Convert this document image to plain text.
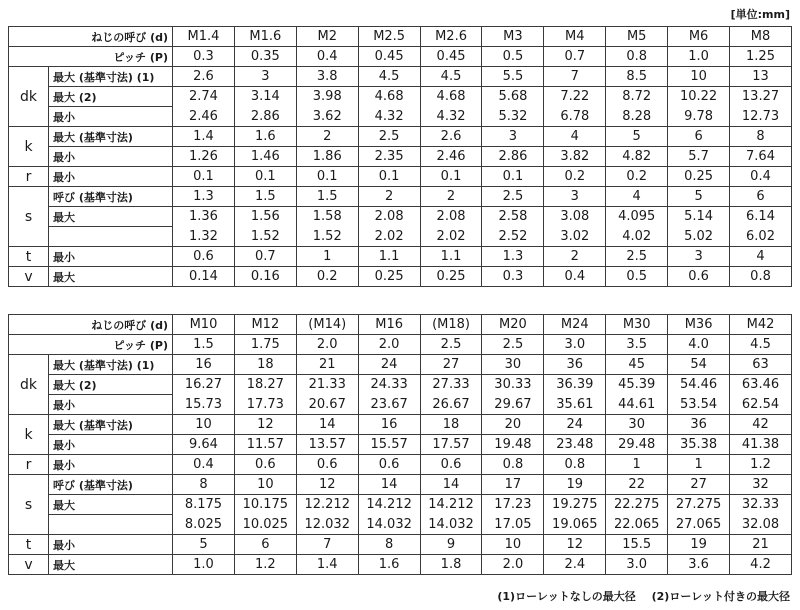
[単位:mm]
ねじの呼び (d)		M1.4	M1.6	M2	M2.5	M2.6	M3	M4	M5	M6	M8
ピッチ (P)		0.3	0.35	0.4	0.45	0.45	0.5	0.7	0.8	1.0	1.25
dk	最大 (基準寸法) (1)	2.6	3	3.8	4.5	4.5	5.5	7	8.5	10	13
	最大 (2)	2.74	3.14	3.98	4.68	4.68	5.68	7.22	8.72	10.22	13.27
	最小	2.46	2.86	3.62	4.32	4.32	5.32	6.78	8.28	9.78	12.73
k	最大 (基準寸法)	1.4	1.6	2	2.5	2.6	3	4	5	6	8
	最小	1.26	1.46	1.86	2.35	2.46	2.86	3.82	4.82	5.7	7.64
r	最小	0.1	0.1	0.1	0.1	0.1	0.1	0.2	0.2	0.25	0.4
s	呼び (基準寸法)	1.3	1.5	1.5	2	2	2.5	3	4	5	6
	最大	1.36	1.56	1.58	2.08	2.08	2.58	3.08	4.095	5.14	6.14
		1.32	1.52	1.52	2.02	2.02	2.52	3.02	4.02	5.02	6.02
t	最小	0.6	0.7	1	1.1	1.1	1.3	2	2.5	3	4
v	最大	0.14	0.16	0.2	0.25	0.25	0.3	0.4	0.5	0.6	0.8
ねじの呼び (d)		M10	M12	(M14)	M16	(M18)	M20	M24	M30	M36	M42
ピッチ (P)		1.5	1.75	2.0	2.0	2.5	2.5	3.0	3.5	4.0	4.5
dk	最大 (基準寸法) (1)	16	18	21	24	27	30	36	45	54	63
	最大 (2)	16.27	18.27	21.33	24.33	27.33	30.33	36.39	45.39	54.46	63.46
	最小	15.73	17.73	20.67	23.67	26.67	29.67	35.61	44.61	53.54	62.54
k	最大 (基準寸法)	10	12	14	16	18	20	24	30	36	42
	最小	9.64	11.57	13.57	15.57	17.57	19.48	23.48	29.48	35.38	41.38
r	最小	0.4	0.6	0.6	0.6	0.6	0.8	0.8	1	1	1.2
s	呼び (基準寸法)	8	10	12	14	14	17	19	22	27	32
	最大	8.175	10.175	12.212	14.212	14.212	17.23	19.275	22.275	27.275	32.33
		8.025	10.025	12.032	14.032	14.032	17.05	19.065	22.065	27.065	32.08
t	最小	5	6	7	8	9	10	12	15.5	19	21
v	最大	1.0	1.2	1.4	1.6	1.8	2.0	2.4	3.0	3.6	4.2
(1)ローレットなしの最大径 (2)ローレット付きの最大径
